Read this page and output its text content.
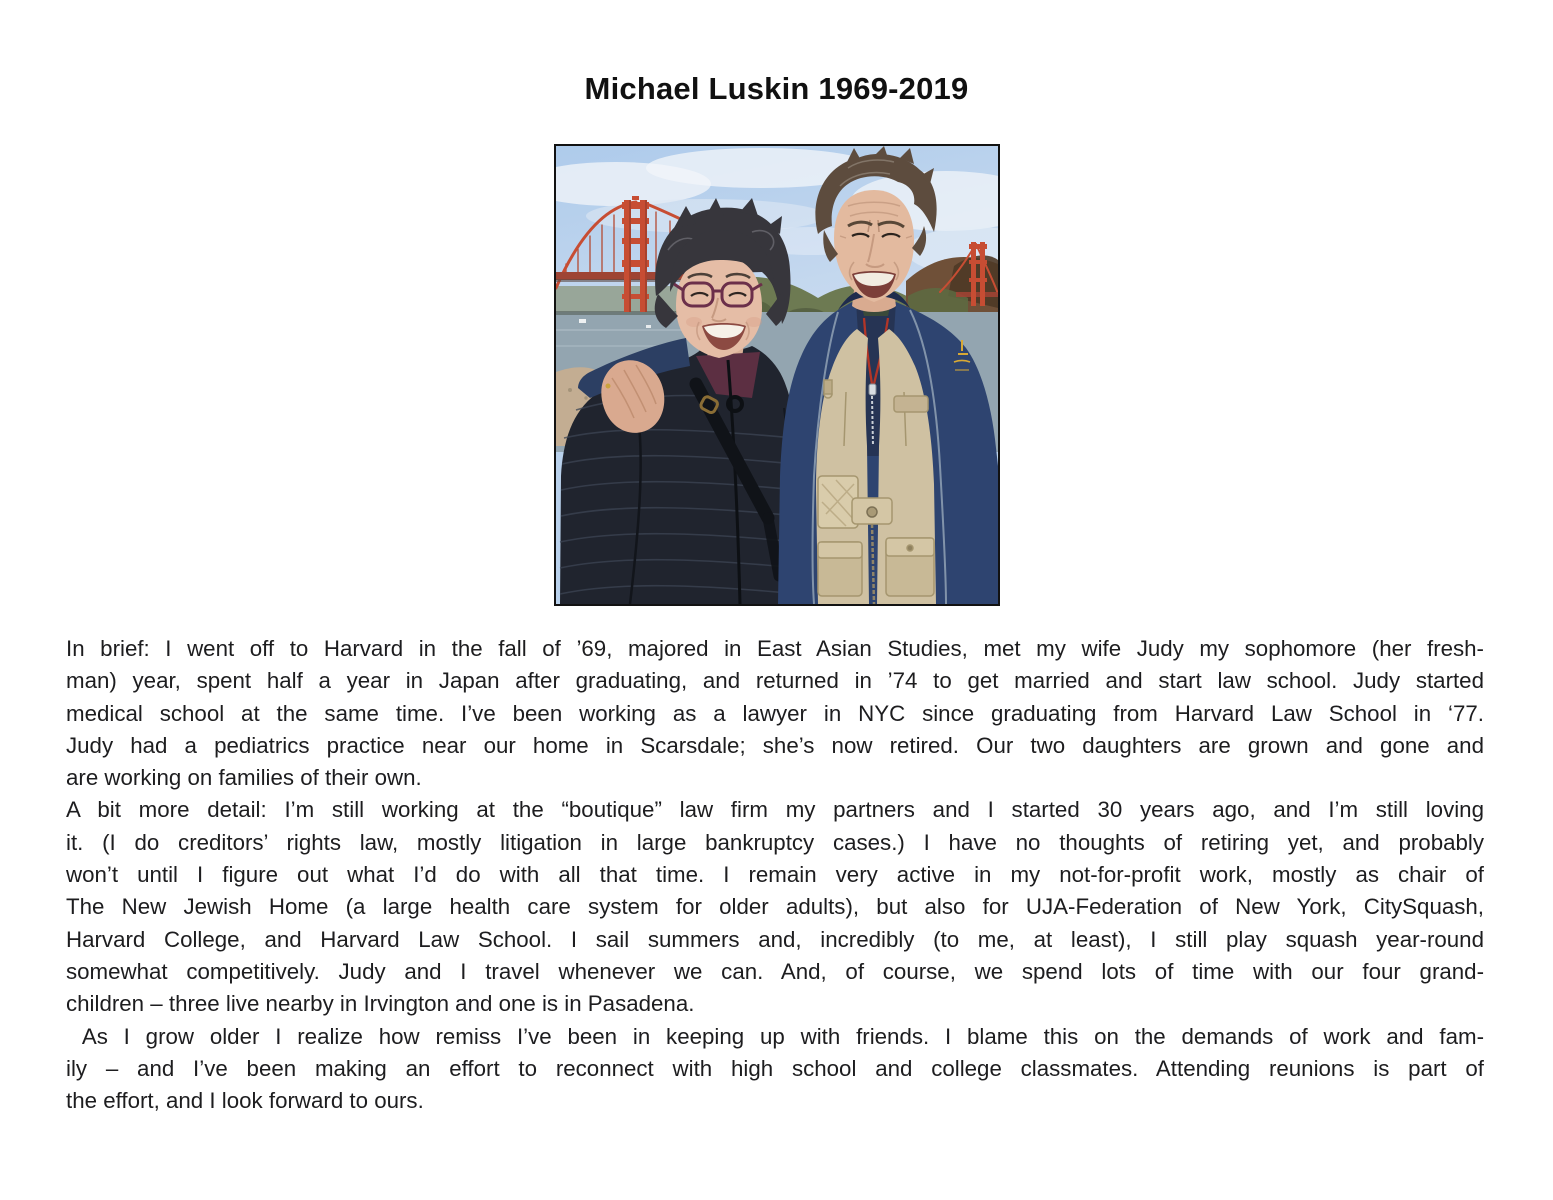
Michael Luskin 1969-2019
In brief: I went off to Harvard in the fall of ’69, majored in East Asian Studies, met my wife Judy my sophomore (her fresh-
man) year, spent half a year in Japan after graduating, and returned in ’74 to get married and start law school. Judy started
medical school at the same time. I’ve been working as a lawyer in NYC since graduating from Harvard Law School in ‘77.
Judy had a pediatrics practice near our home in Scarsdale; she’s now retired. Our two daughters are grown and gone and
are working on families of their own.
A bit more detail: I’m still working at the “boutique” law firm my partners and I started 30 years ago, and I’m still loving
it. (I do creditors’ rights law, mostly litigation in large bankruptcy cases.) I have no thoughts of retiring yet, and probably
won’t until I figure out what I’d do with all that time. I remain very active in my not-for-profit work, mostly as chair of
The New Jewish Home (a large health care system for older adults), but also for UJA-Federation of New York, CitySquash,
Harvard College, and Harvard Law School. I sail summers and, incredibly (to me, at least), I still play squash year-round
somewhat competitively. Judy and I travel whenever we can. And, of course, we spend lots of time with our four grand-
children – three live nearby in Irvington and one is in Pasadena.
As I grow older I realize how remiss I’ve been in keeping up with friends. I blame this on the demands of work and fam-
ily – and I’ve been making an effort to reconnect with high school and college classmates. Attending reunions is part of
the effort, and I look forward to ours.
